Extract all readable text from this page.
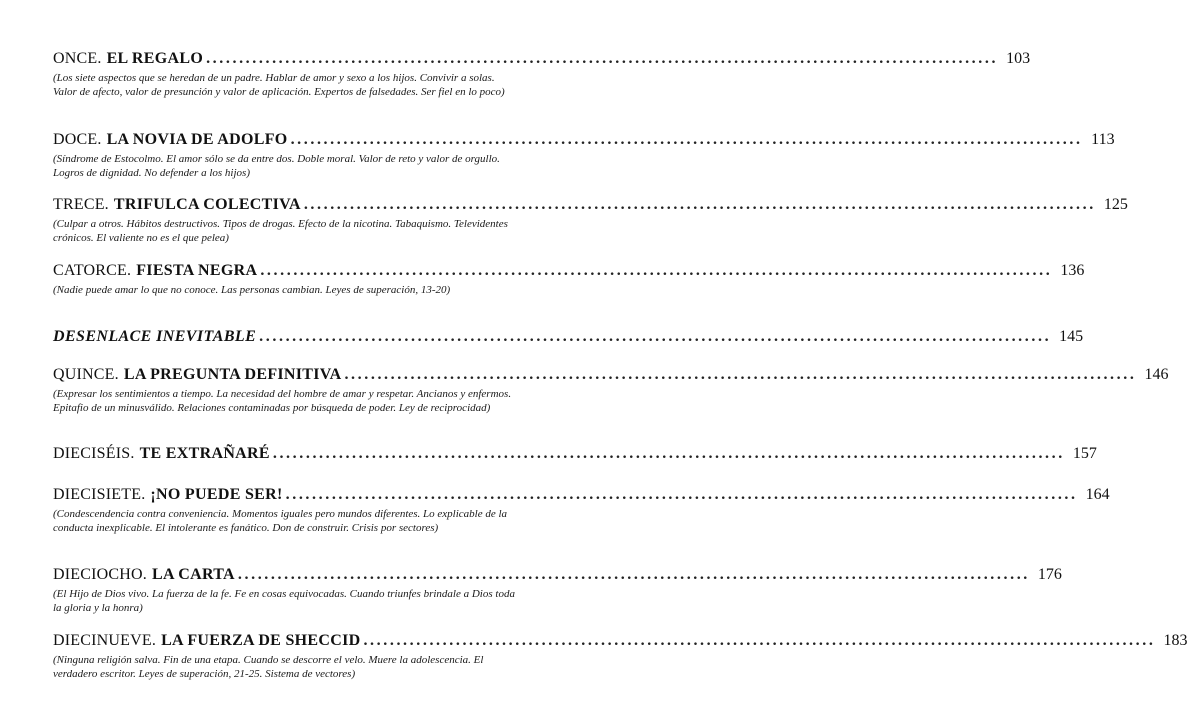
ONCE. EL REGALO ........................................................................................................................ 103
(Los siete aspectos que se heredan de un padre. Hablar de amor y sexo a los hijos. Convivir a solas. Valor de afecto, valor de presunción y valor de aplicación. Expertos de falsedades. Ser fiel en lo poco)
DOCE. LA NOVIA DE ADOLFO ........................................................................................................................ 113
(Síndrome de Estocolmo. El amor sólo se da entre dos. Doble moral. Valor de reto y valor de orgullo. Logros de dignidad. No defender a los hijos)
TRECE. TRIFULCA COLECTIVA ........................................................................................................................ 125
(Culpar a otros. Hábitos destructivos. Tipos de drogas. Efecto de la nicotina. Tabaquismo. Televidentes crónicos. El valiente no es el que pelea)
CATORCE. FIESTA NEGRA ........................................................................................................................ 136
(Nadie puede amar lo que no conoce. Las personas cambian. Leyes de superación, 13-20)
DESENLACE INEVITABLE ........................................................................................................................ 145
QUINCE. LA PREGUNTA DEFINITIVA ........................................................................................................................ 146
(Expresar los sentimientos a tiempo. La necesidad del hombre de amar y respetar. Ancianos y enfermos. Epitafio de un minusválido. Relaciones contaminadas por búsqueda de poder. Ley de reciprocidad)
DIECISÉIS. TE EXTRAÑARÉ ........................................................................................................................ 157
DIECISIETE. ¡NO PUEDE SER! ........................................................................................................................ 164
(Condescendencia contra conveniencia. Momentos iguales pero mundos diferentes. Lo explicable de la conducta inexplicable. El intolerante es fanático. Don de construir. Crisis por sectores)
DIECIOCHO. LA CARTA ........................................................................................................................ 176
(El Hijo de Dios vivo. La fuerza de la fe. Fe en cosas equivocadas. Cuando triunfes brindale a Dios toda la gloria y la honra)
DIECINUEVE. LA FUERZA DE SHECCID ........................................................................................................................ 183
(Ninguna religión salva. Fin de una etapa. Cuando se descorre el velo. Muere la adolescencia. El verdadero escritor. Leyes de superación, 21-25. Sistema de vectores)
